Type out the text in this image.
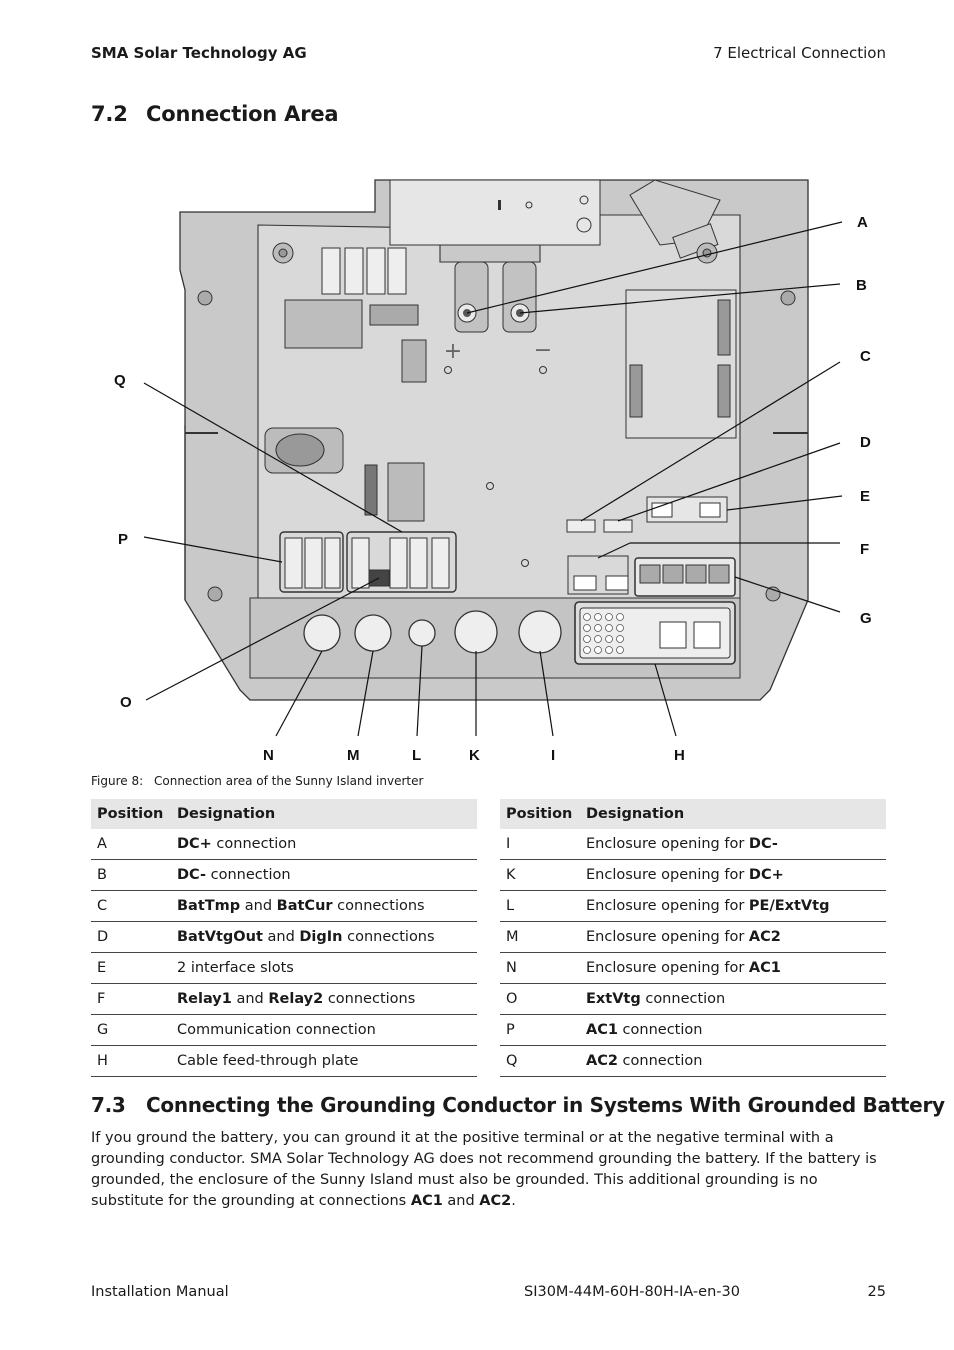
SMA Solar Technology AG	7 Electrical Connection
7.2 Connection Area
+	−
A
B
C
D
E
F
G
H
I
K
L
M
N
O
P
Q
Figure 8: Connection area of the Sunny Island inverter
Position	Designation
A	DC+ connection
B	DC- connection
C	BatTmp and BatCur connections
D	BatVtgOut and DigIn connections
E	2 interface slots
F	Relay1 and Relay2 connections
G	Communication connection
H	Cable feed-through plate
Position	Designation
I	Enclosure opening for DC-
K	Enclosure opening for DC+
L	Enclosure opening for PE/ExtVtg
M	Enclosure opening for AC2
N	Enclosure opening for AC1
O	ExtVtg connection
P	AC1 connection
Q	AC2 connection
7.3 Connecting the Grounding Conductor in Systems With Grounded Battery
If you ground the battery, you can ground it at the positive terminal or at the negative terminal with a grounding conductor. SMA Solar Technology AG does not recommend grounding the battery. If the battery is grounded, the enclosure of the Sunny Island must also be grounded. This additional grounding is no substitute for the grounding at connections AC1 and AC2.
Installation Manual	SI30M-44M-60H-80H-IA-en-30	25
